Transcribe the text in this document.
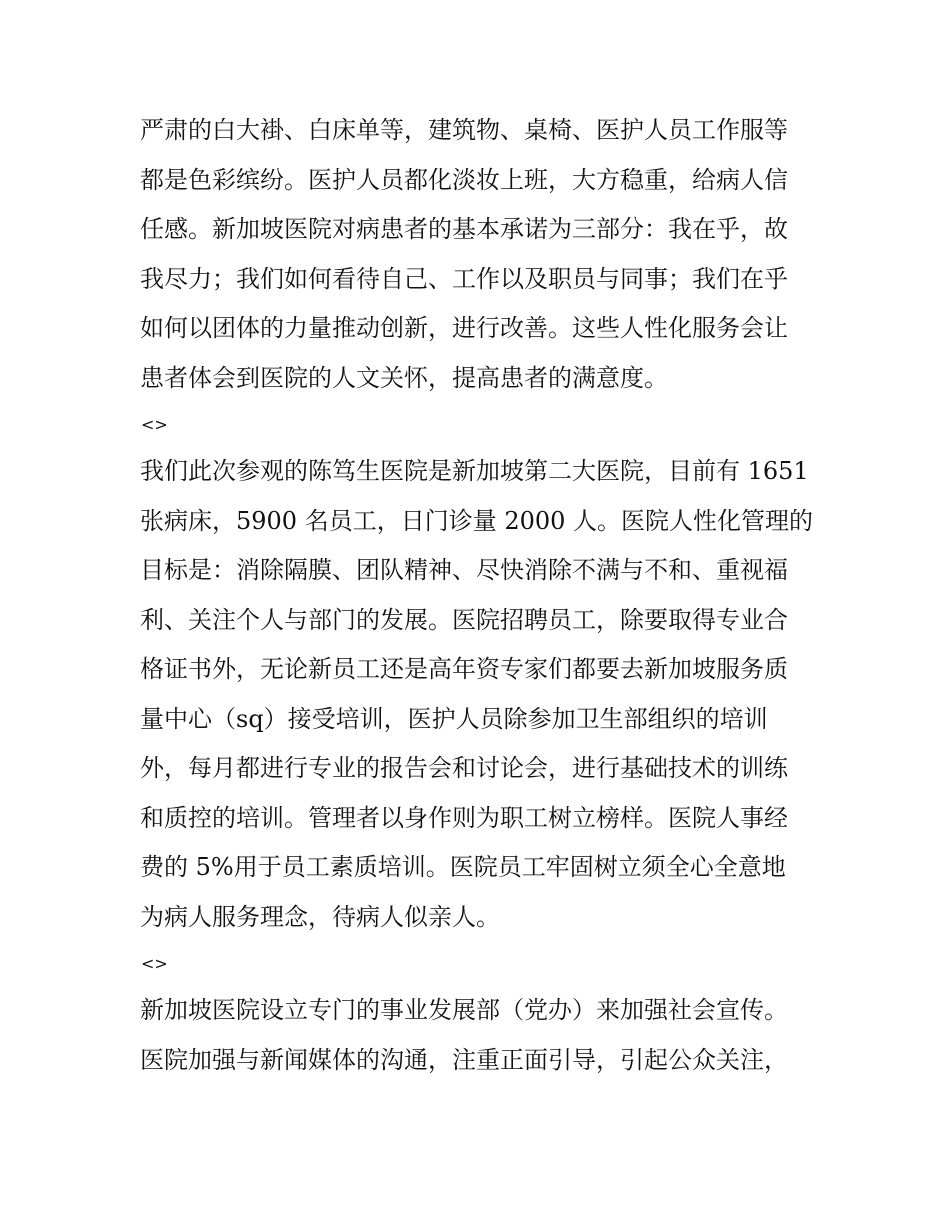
严肃的白大褂、白床单等，建筑物、桌椅、医护人员工作服等
都是色彩缤纷。医护人员都化淡妆上班，大方稳重，给病人信
任感。新加坡医院对病患者的基本承诺为三部分：我在乎，故
我尽力；我们如何看待自己、工作以及职员与同事；我们在乎
如何以团体的力量推动创新，进行改善。这些人性化服务会让
患者体会到医院的人文关怀，提高患者的满意度。
<>
我们此次参观的陈笃生医院是新加坡第二大医院，目前有 1651
张病床，5900 名员工，日门诊量 2000 人。医院人性化管理的
目标是：消除隔膜、团队精神、尽快消除不满与不和、重视福
利、关注个人与部门的发展。医院招聘员工，除要取得专业合
格证书外，无论新员工还是高年资专家们都要去新加坡服务质
量中心（sq）接受培训，医护人员除参加卫生部组织的培训
外，每月都进行专业的报告会和讨论会，进行基础技术的训练
和质控的培训。管理者以身作则为职工树立榜样。医院人事经
费的 5%用于员工素质培训。医院员工牢固树立须全心全意地
为病人服务理念，待病人似亲人。
<>
新加坡医院设立专门的事业发展部（党办）来加强社会宣传。
医院加强与新闻媒体的沟通，注重正面引导，引起公众关注，
